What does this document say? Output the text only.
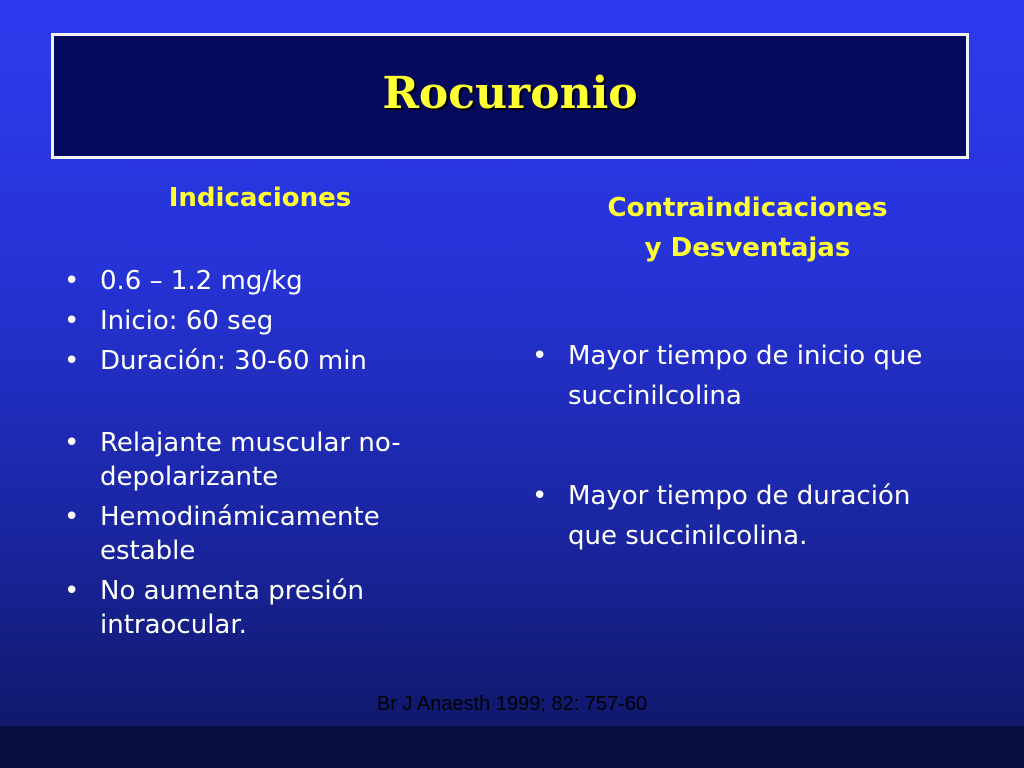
Rocuronio
Indicaciones
• 0.6 – 1.2 mg/kg
• Inicio: 60 seg
• Duración: 30-60 min
• Relajante muscular no-depolarizante
• Hemodinámicamente estable
• No aumenta presión intraocular.
Contraindicaciones
y Desventajas
• Mayor tiempo de inicio que succinilcolina
• Mayor tiempo de duración que succinilcolina.
Br J Anaesth 1999; 82: 757-60
